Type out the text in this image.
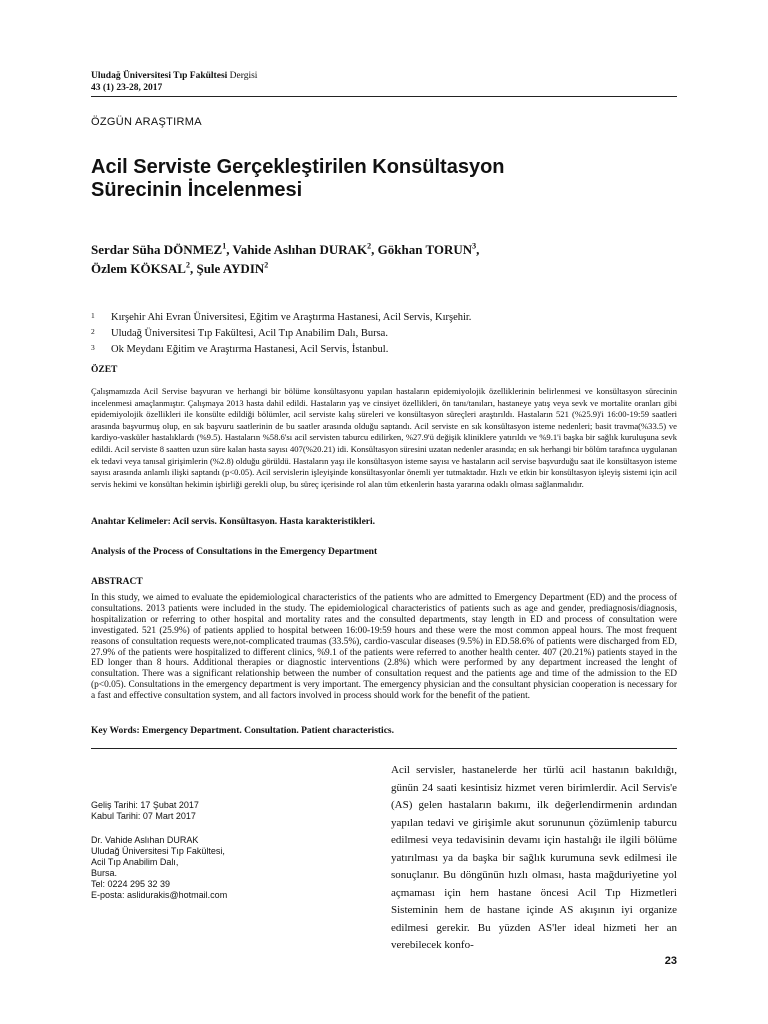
Uludağ Üniversitesi Tıp Fakültesi Dergisi
43 (1) 23-28, 2017
ÖZGÜN ARAŞTIRMA
Acil Serviste Gerçekleştirilen Konsültasyon
Sürecinin İncelenmesi
Serdar Süha DÖNMEZ$^1$, Vahide Aslıhan DURAK$^2$, Gökhan TORUN$^3$,
Özlem KÖKSAL$^2$, Şule AYDIN$^2$
1	Kırşehir Ahi Evran Üniversitesi, Eğitim ve Araştırma Hastanesi, Acil Servis, Kırşehir.
2	Uludağ Üniversitesi Tıp Fakültesi, Acil Tıp Anabilim Dalı, Bursa.
3	Ok Meydanı Eğitim ve Araştırma Hastanesi, Acil Servis, İstanbul.
ÖZET
Çalışmamızda Acil Servise başvuran ve herhangi bir bölüme konsültasyonu yapılan hastaların epidemiyolojik özelliklerinin belirlenmesi ve konsültasyon sürecinin incelenmesi amaçlanmıştır. Çalışmaya 2013 hasta dahil edildi. Hastaların yaş ve cinsiyet özellikleri, ön tanı/tanıları, hastaneye yatış veya sevk ve mortalite oranları gibi epidemiyolojik özellikleri ile konsülte edildiği bölümler, acil serviste kalış süreleri ve konsültasyon süreçleri araştırıldı. Hastaların 521 (%25.9)'i 16:00-19:59 saatleri arasında başvurmuş olup, en sık başvuru saatlerinin de bu saatler arasında olduğu saptandı. Acil serviste en sık konsültasyon isteme nedenleri; basit travma(%33.5) ve kardiyo-vasküler hastalıklardı (%9.5). Hastaların %58.6'sı acil servisten taburcu edilirken, %27.9'ü değişik kliniklere yatırıldı ve %9.1'i başka bir sağlık kuruluşuna sevk edildi. Acil serviste 8 saatten uzun süre kalan hasta sayısı 407(%20.21) idi. Konsültasyon süresini uzatan nedenler arasında; en sık herhangi bir bölüm tarafınca uygulanan ek tedavi veya tanısal girişimlerin (%2.8) olduğu görüldü. Hastaların yaşı ile konsültasyon isteme sayısı ve hastaların acil servise başvurduğu saat ile konsültasyon isteme sayısı arasında anlamlı ilişki saptandı (p<0.05). Acil servislerin işleyişinde konsültasyonlar önemli yer tutmaktadır. Hızlı ve etkin bir konsültasyon işleyiş sistemi için acil servis hekimi ve konsültan hekimin işbirliği gerekli olup, bu süreç içerisinde rol alan tüm etkenlerin hasta yararına odaklı olması sağlanmalıdır.
Anahtar Kelimeler: Acil servis. Konsültasyon. Hasta karakteristikleri.
Analysis of the Process of Consultations in the Emergency Department
ABSTRACT
In this study, we aimed to evaluate the epidemiological characteristics of the patients who are admitted to Emergency Department (ED) and the process of consultations. 2013 patients were included in the study. The epidemiological characteristics of patients such as age and gender, prediagnosis/diagnosis, hospitalization or referring to other hospital and mortality rates and the consulted departments, stay length in ED and process of consultation were investigated. 521 (25.9%) of patients applied to hospital between 16:00-19:59 hours and these were the most common appeal hours. The most frequent reasons of consultation requests were,not-complicated traumas (33.5%), cardio-vascular diseases (9.5%) in ED.58.6% of patients were discharged from ED, 27.9% of the patients were hospitalized to different clinics, %9.1 of the patients were referred to another health center. 407 (20.21%) patients stayed in the ED longer than 8 hours. Additional therapies or diagnostic interventions (2.8%) which were performed by any department increased the lenght of consultation. There was a significant relationship between the number of consultation request and the patients age and time of the admission to the ED (p<0.05). Consultations in the emergency department is very important. The emergency physician and the consultant physician cooperation is necessary for a fast and effective consultation system, and all factors involved in process should work for the benefit of the patient.
Key Words: Emergency Department. Consultation. Patient characteristics.
Geliş Tarihi: 17 Şubat 2017
Kabul Tarihi: 07 Mart 2017
Dr. Vahide Aslıhan DURAK
Uludağ Üniversitesi Tıp Fakültesi,
Acil Tıp Anabilim Dalı,
Bursa.
Tel: 0224 295 32 39
E-posta: aslidurakis@hotmail.com
Acil servisler, hastanelerde her türlü acil hastanın bakıldığı, günün 24 saati kesintisiz hizmet veren birimlerdir. Acil Servis'e (AS) gelen hastaların bakımı, ilk değerlendirmenin ardından yapılan tedavi ve girişimle akut sorununun çözümlenip taburcu edilmesi veya tedavisinin devamı için hastalığı ile ilgili bölüme yatırılması ya da başka bir sağlık kurumuna sevk edilmesi ile sonuçlanır. Bu döngünün hızlı olması, hasta mağduriyetine yol açmaması için hem hastane öncesi Acil Tıp Hizmetleri Sisteminin hem de hastane içinde AS akışının iyi organize edilmesi gerekir. Bu yüzden AS'ler ideal hizmeti her an verebilecek konfo-
23
